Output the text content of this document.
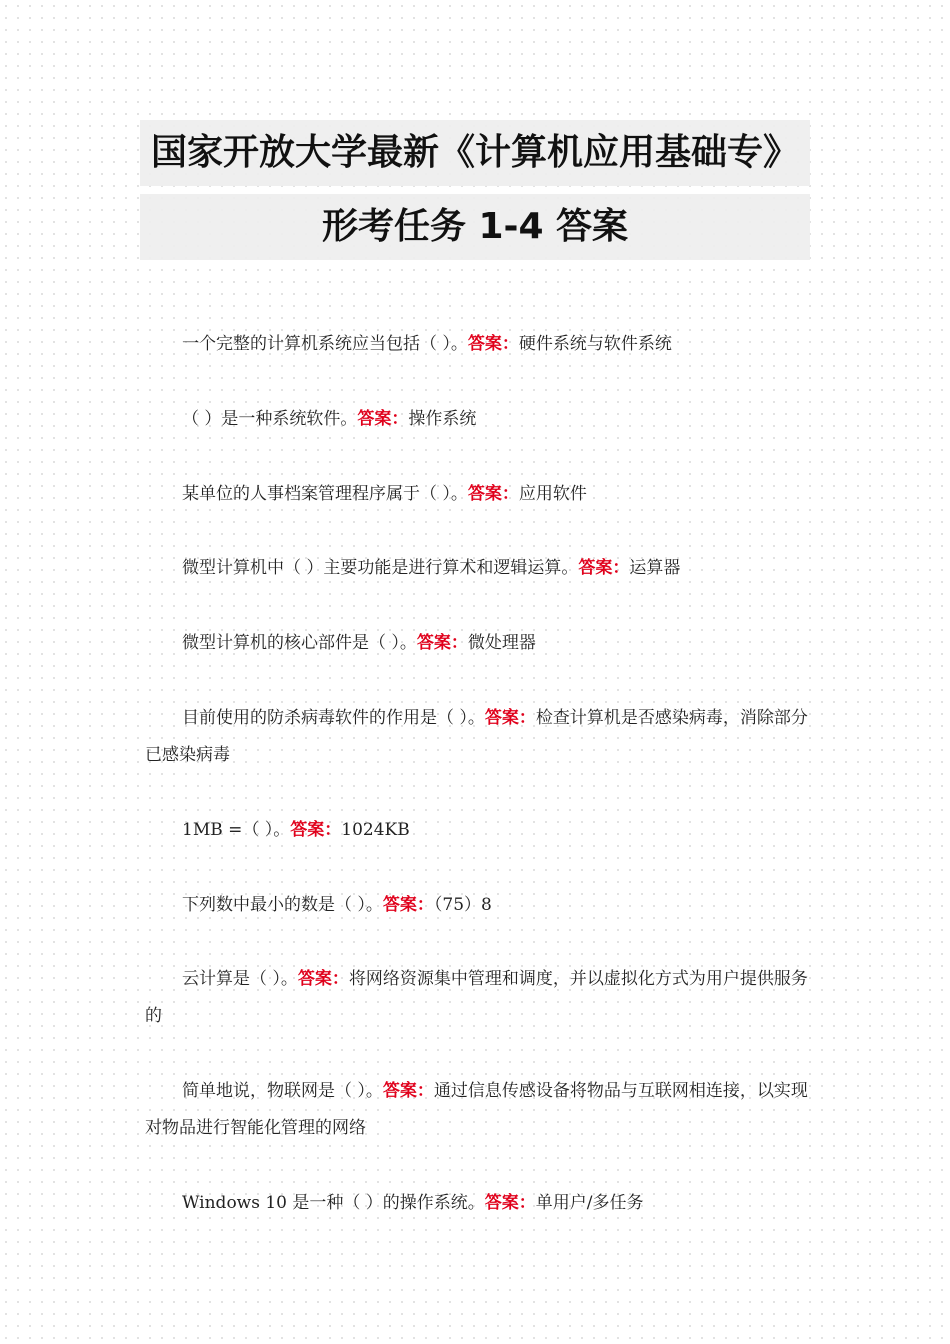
国家开放大学最新《计算机应用基础专》
形考任务 1-4 答案

一个完整的计算机系统应当包括（ ）。答案：硬件系统与软件系统

（ ）是一种系统软件。答案：操作系统

某单位的人事档案管理程序属于（ ）。答案：应用软件

微型计算机中（ ）主要功能是进行算术和逻辑运算。答案：运算器

微型计算机的核心部件是（ ）。答案：微处理器

目前使用的防杀病毒软件的作用是（ ）。答案：检查计算机是否感染病毒，消除部分已感染病毒

1MB =（ ）。答案：1024KB

下列数中最小的数是（ ）。答案：（75）8

云计算是（ ）。答案：将网络资源集中管理和调度，并以虚拟化方式为用户提供服务的

简单地说，物联网是（ ）。答案：通过信息传感设备将物品与互联网相连接，以实现对物品进行智能化管理的网络

Windows 10 是一种（ ）的操作系统。答案：单用户/多任务
